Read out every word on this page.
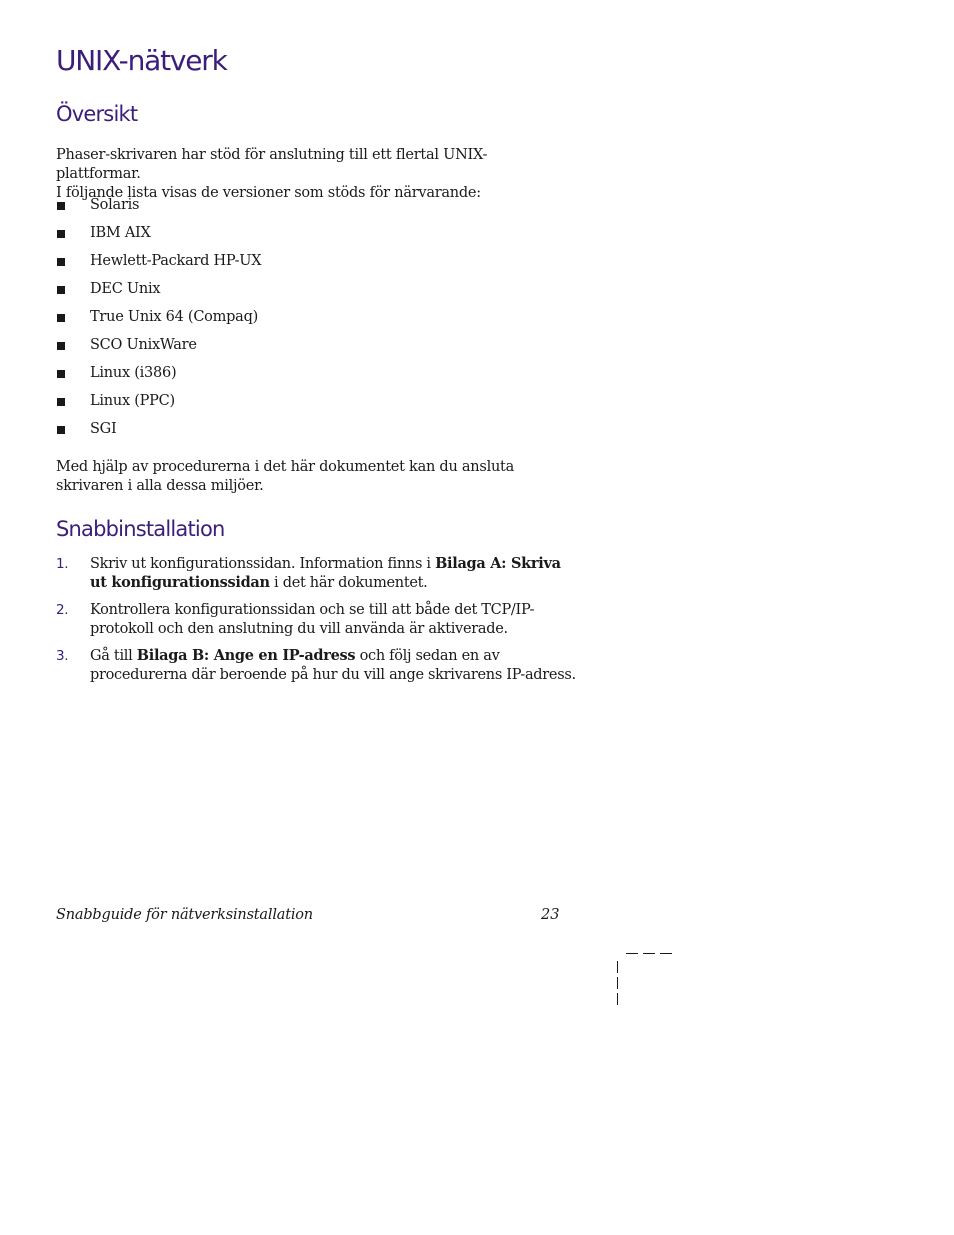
UNIX-nätverk
Översikt

Phaser-skrivaren har stöd för anslutning till ett flertal UNIX-plattformar.
I följande lista visas de versioner som stöds för närvarande:

Solaris
IBM AIX
Hewlett-Packard HP-UX
DEC Unix
True Unix 64 (Compaq)
SCO UnixWare
Linux (i386)
Linux (PPC)
SGI

Med hjälp av procedurerna i det här dokumentet kan du ansluta
skrivaren i alla dessa miljöer.

Snabbinstallation
1. Skriv ut konfigurationssidan. Information finns i Bilaga A: Skriva ut konfigurationssidan i det här dokumentet.
2. Kontrollera konfigurationssidan och se till att både det TCP/IP-protokoll och den anslutning du vill använda är aktiverade.
3. Gå till Bilaga B: Ange en IP-adress och följ sedan en av procedurerna där beroende på hur du vill ange skrivarens IP-adress.
Snabbguide för nätverksinstallation	23
